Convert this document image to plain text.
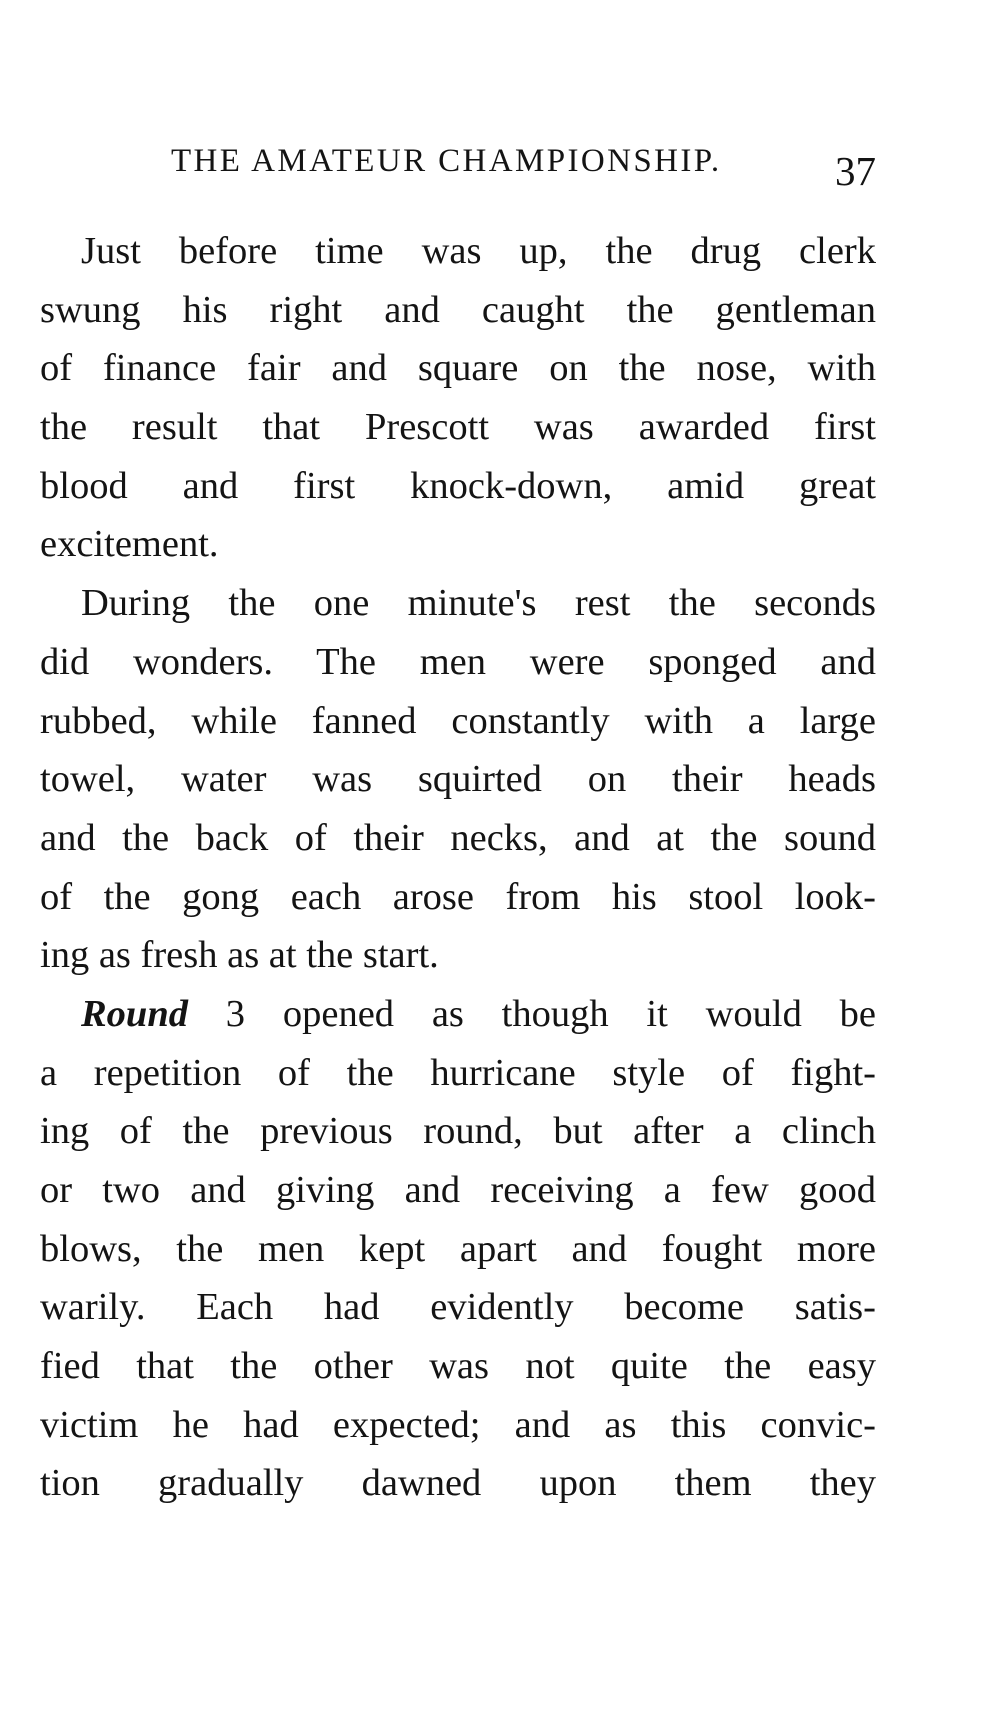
THE AMATEUR CHAMPIONSHIP.	37
Just before time was up, the drug clerk
swung his right and caught the gentleman
of finance fair and square on the nose, with
the result that Prescott was awarded first
blood and first knock-down, amid great
excitement.
During the one minute's rest the seconds
did wonders. The men were sponged and
rubbed, while fanned constantly with a large
towel, water was squirted on their heads
and the back of their necks, and at the sound
of the gong each arose from his stool look-
ing as fresh as at the start.
Round 3 opened as though it would be
a repetition of the hurricane style of fight-
ing of the previous round, but after a clinch
or two and giving and receiving a few good
blows, the men kept apart and fought more
warily. Each had evidently become satis-
fied that the other was not quite the easy
victim he had expected; and as this convic-
tion gradually dawned upon them they
